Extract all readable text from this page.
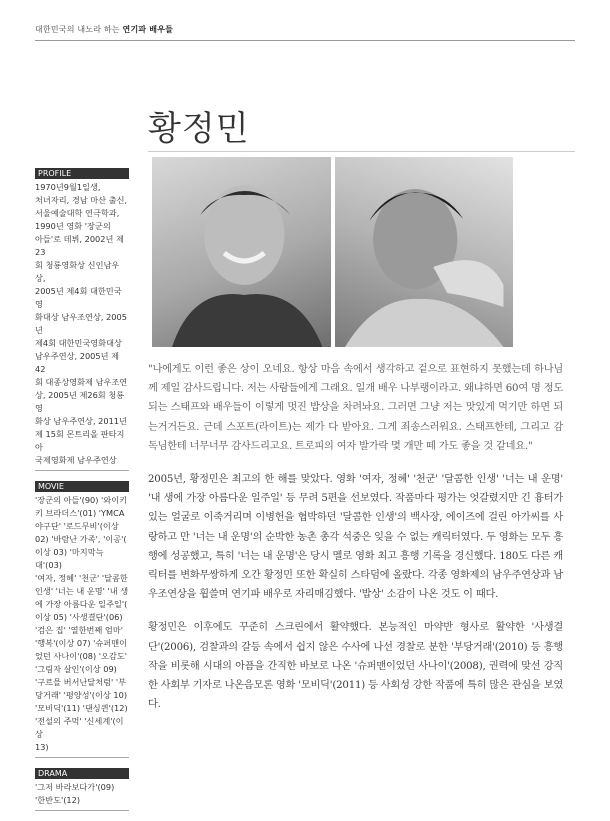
대한민국의 내노라 하는 연기파 배우들
황정민
PROFILE

1970년9월1일생,

처녀자리, 경남 마산 출신,

서울예술대학 연극학과,

1990년 영화 '장군의

아들'로 데뷔, 2002년 제23

회 청룡영화상 신인남우상,

2005년 제4회 대한민국영

화대상 남우조연상, 2005년

제4회 대한민국영화대상

남우주연상, 2005년 제42

회 대종상영화제 남우조연

상, 2005년 제26회 청룡영

화상 남우주연상, 2011년

제 15회 몬트리올 판타지아

국제영화제 남우주연상

MOVIE

'장군의 아들'(90) '와이키

키 브라더스'(01) 'YMCA

야구단' '로드무비'(이상

02) '바람난 가족', '이공'(

이상 03) '마지막늑대'(03)

'여자, 정혜' '천군' '달콤한

인생' '너는 내 운명' '내 생

에 가장 아름다운 일주일'(

이상 05) '사생결단'(06)

'검은 집' '열한번째 엄마'

'행복'(이상 07) '슈퍼맨이

었던 사나이'(08) '오감도'

'그림자 살인'(이상 09)

'구르믈 버서난달처럼' '부

당거래' '평양성'(이상 10)

'모비딕'(11) '댄싱퀸'(12)

'전설의 주먹' '신세계'(이상

13)

DRAMA

'그저 바라보다가'(09)

'한반도'(12)

"나에게도 이런 좋은 상이 오네요. 항상 마음 속에서 생각하고 겉으로 표현하지 못했는데 하나님께 제일 감사드립니다. 저는 사람들에게 그래요. 일개 배우 나부랭이라고. 왜냐하면 60여 명 정도 되는 스태프와 배우들이 이렇게 멋진 밥상을 차려놔요. 그러면 그냥 저는 맛있게 먹기만 하면 되는거거든요. 근데 스포트(라이트)는 제가 다 받아요. 그게 죄송스러워요. 스태프한테, 그리고 감독님한테 너무너무 감사드리고요. 트로피의 여자 발가락 몇 개만 떼 가도 좋을 것 같네요."

2005년, 황정민은 최고의 한 해를 맞았다. 영화 '여자, 정혜' '천군' '달콤한 인생' '너는 내 운명' '내 생에 가장 아름다운 일주일' 등 무려 5편을 선보였다. 작품마다 평가는 엇갈렸지만 긴 흉터가 있는 얼굴로 이죽거리며 이병헌을 협박하던 '달콤한 인생'의 백사장, 에이즈에 걸린 아가씨를 사랑하고 만 '너는 내 운명'의 순박한 농촌 총각 석중은 잊을 수 없는 캐릭터였다. 두 영화는 모두 흥행에 성공했고, 특히 '너는 내 운명'은 당시 멜로 영화 최고 흥행 기록을 경신했다. 180도 다른 캐릭터를 변화무쌍하게 오간 황정민 또한 확실히 스타덤에 올랐다. 각종 영화제의 남우주연상과 남우조연상을 휩쓸며 연기파 배우로 자리매김했다. '밥상' 소감이 나온 것도 이 때다.

황정민은 이후에도 꾸준히 스크린에서 활약했다. 본능적인 마약반 형사로 활약한 '사생결단'(2006), 검찰과의 갈등 속에서 쉽지 않은 수사에 나선 경찰로 분한 '부당거래'(2010) 등 흥행작을 비롯해 시대의 아픔을 간직한 바보로 나온 '슈퍼맨이었던 사나이'(2008), 권력에 맞선 강직한 사회부 기자로 나온음모론 영화 '모비딕'(2011) 등 사회성 강한 작품에 특히 많은 관심을 보였다.
